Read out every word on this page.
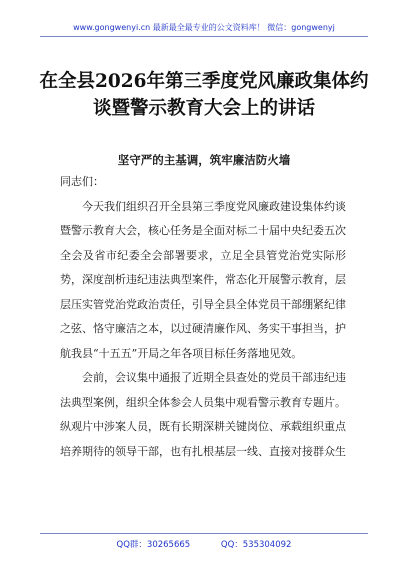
www.gongwenyi.cn 最新最全最专业的公文资料库！ 微信：gongwenyj
在全县2026年第三季度党风廉政集体约
谈暨警示教育大会上的讲话
坚守严的主基调，筑牢廉洁防火墙

同志们：

今天我们组织召开全县第三季度党风廉政建设集体约谈暨警示教育大会，核心任务是全面对标二十届中央纪委五次全会及省市纪委全会部署要求，立足全县管党治党实际形势，深度剖析违纪违法典型案件，常态化开展警示教育，层层压实管党治党政治责任，引导全县全体党员干部绷紧纪律之弦、恪守廉洁之本，以过硬清廉作风、务实干事担当，护航我县“十五五”开局之年各项目标任务落地见效。

会前，会议集中通报了近期全县查处的党员干部违纪违法典型案例，组织全体参会人员集中观看警示教育专题片。纵观片中涉案人员，既有长期深耕关键岗位、承载组织重点培养期待的领导干部，也有扎根基层一线、直接对接群众生

QQ群：30265665	QQ：535304092
